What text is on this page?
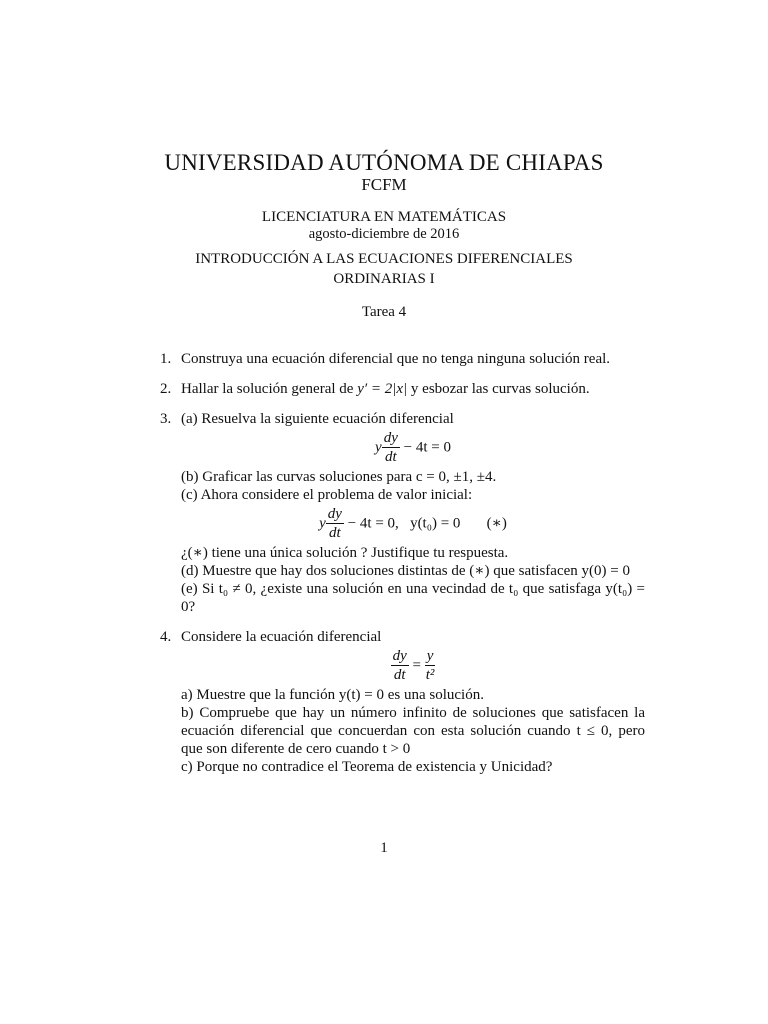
UNIVERSIDAD AUTÓNOMA DE CHIAPAS
FCFM
LICENCIATURA EN MATEMÁTICAS
agosto-diciembre de 2016
INTRODUCCIÓN A LAS ECUACIONES DIFERENCIALES
ORDINARIAS I
Tarea 4
1. Construya una ecuación diferencial que no tenga ninguna solución real.
2. Hallar la solución general de y′ = 2|x| y esbozar las curvas solución.
3. (a) Resuelva la siguiente ecuación diferencial
y $\frac{dy}{dt} - 4t = 0$
(b) Graficar las curvas soluciones para c = 0, ±1, ±4.
(c) Ahora considere el problema de valor inicial:
y $\frac{dy}{dt} - 4t = 0$, y(t₀) = 0 (∗)
¿(∗) tiene una única solución ? Justifique tu respuesta.
(d) Muestre que hay dos soluciones distintas de (∗) que satisfacen y(0) = 0
(e) Si t₀ ≠ 0, ¿existe una solución en una vecindad de t₀ que satisfaga y(t₀) = 0?
4. Considere la ecuación diferencial
$\frac{dy}{dt} = \frac{y}{\text{t²}}$
a) Muestre que la función y(t) = 0 es una solución.
b) Compruebe que hay un número infinito de soluciones que satisfacen la ecuación diferencial que concuerdan con esta solución cuando t ≤ 0, pero que son diferente de cero cuando t > 0
c) Porque no contradice el Teorema de existencia y Unicidad?
1
